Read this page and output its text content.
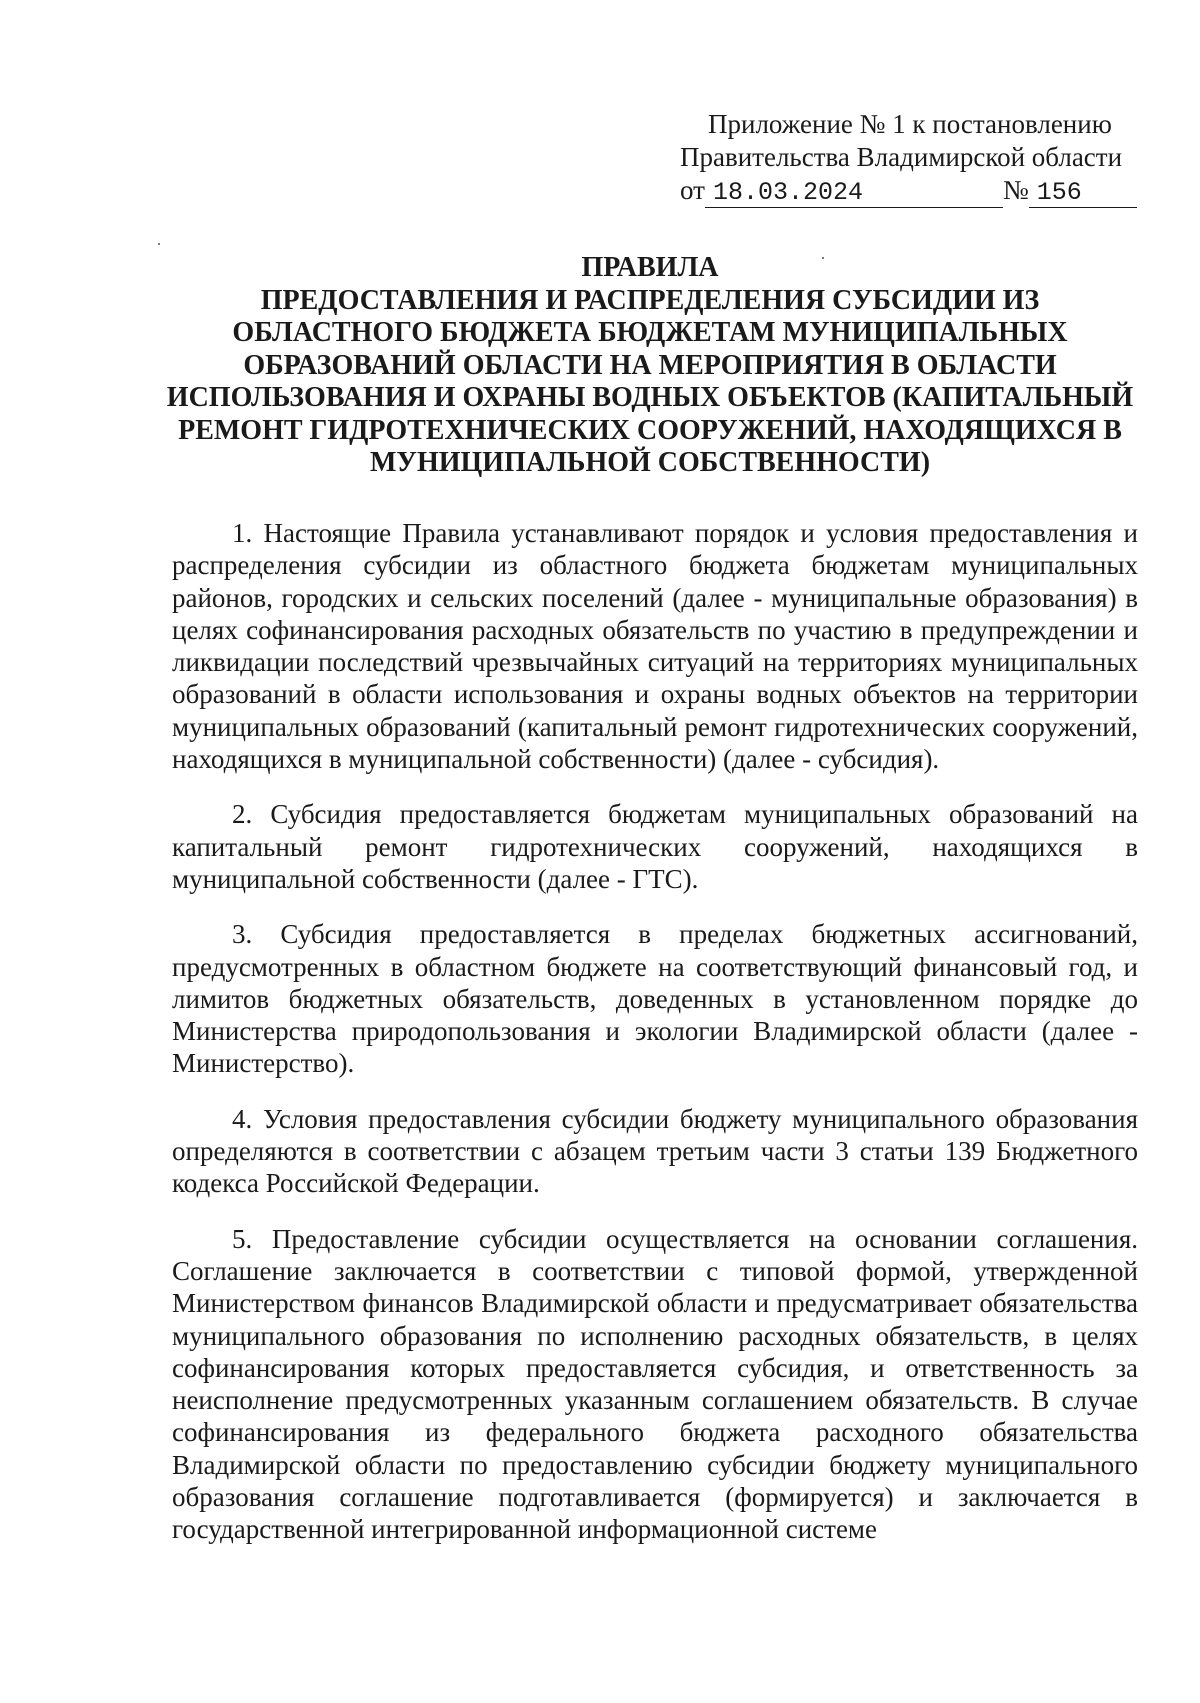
Приложение № 1 к постановлению
Правительства Владимирской области
от 18.03.2024	№ 156
ПРАВИЛА
ПРЕДОСТАВЛЕНИЯ И РАСПРЕДЕЛЕНИЯ СУБСИДИИ ИЗ ОБЛАСТНОГО БЮДЖЕТА БЮДЖЕТАМ МУНИЦИПАЛЬНЫХ ОБРАЗОВАНИЙ ОБЛАСТИ НА МЕРОПРИЯТИЯ В ОБЛАСТИ ИСПОЛЬЗОВАНИЯ И ОХРАНЫ ВОДНЫХ ОБЪЕКТОВ (КАПИТАЛЬНЫЙ РЕМОНТ ГИДРОТЕХНИЧЕСКИХ СООРУЖЕНИЙ, НАХОДЯЩИХСЯ В МУНИЦИПАЛЬНОЙ СОБСТВЕННОСТИ)

1. Настоящие Правила устанавливают порядок и условия предоставления и распределения субсидии из областного бюджета бюджетам муниципальных районов, городских и сельских поселений (далее - муниципальные образования) в целях софинансирования расходных обязательств по участию в предупреждении и ликвидации последствий чрезвычайных ситуаций на территориях муниципальных образований в области использования и охраны водных объектов на территории муниципальных образований (капитальный ремонт гидротехнических сооружений, находящихся в муниципальной собственности) (далее - субсидия).

2. Субсидия предоставляется бюджетам муниципальных образований на капитальный ремонт гидротехнических сооружений, находящихся в муниципальной собственности (далее - ГТС).

3. Субсидия предоставляется в пределах бюджетных ассигнований, предусмотренных в областном бюджете на соответствующий финансовый год, и лимитов бюджетных обязательств, доведенных в установленном порядке до Министерства природопользования и экологии Владимирской области (далее - Министерство).

4. Условия предоставления субсидии бюджету муниципального образования определяются в соответствии с абзацем третьим части 3 статьи 139 Бюджетного кодекса Российской Федерации.

5. Предоставление субсидии осуществляется на основании соглашения. Соглашение заключается в соответствии с типовой формой, утвержденной Министерством финансов Владимирской области и предусматривает обязательства муниципального образования по исполнению расходных обязательств, в целях софинансирования которых предоставляется субсидия, и ответственность за неисполнение предусмотренных указанным соглашением обязательств. В случае софинансирования из федерального бюджета расходного обязательства Владимирской области по предоставлению субсидии бюджету муниципального образования соглашение подготавливается (формируется) и заключается в государственной интегрированной информационной системе
